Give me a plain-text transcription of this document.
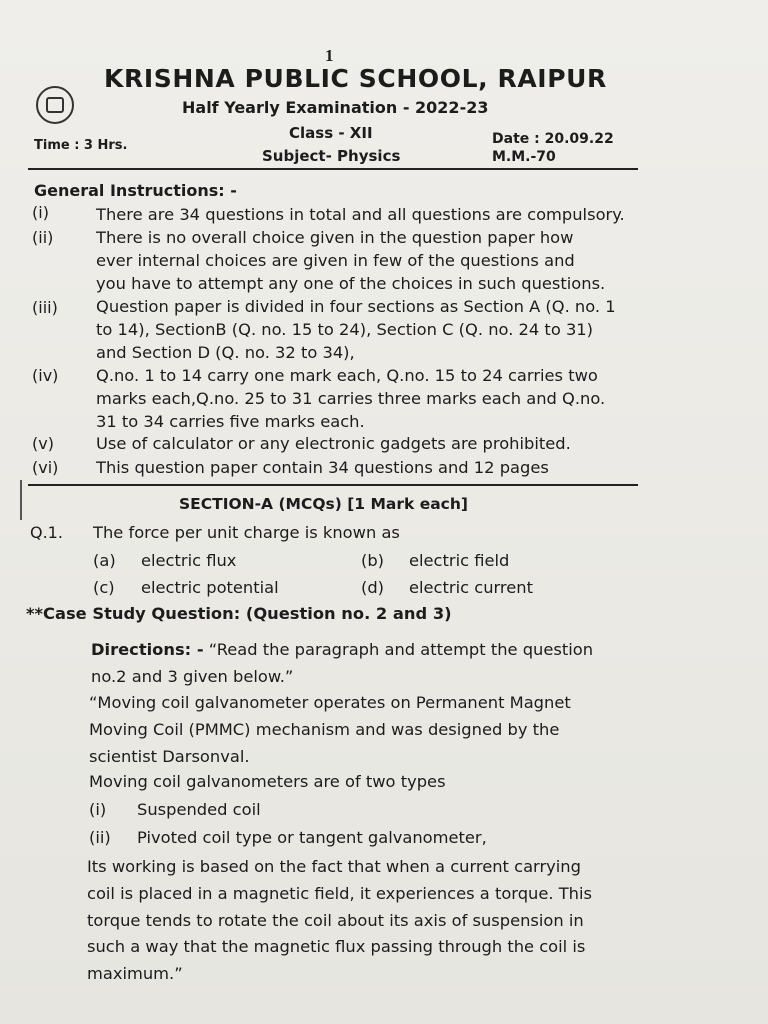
1
KRISHNA PUBLIC SCHOOL, RAIPUR
Half Yearly Examination - 2022-23
Time : 3 Hrs.
Class - XII
Subject- Physics
Date : 20.09.22
M.M.-70
General Instructions: -
(i)	There are 34 questions in total and all questions are compulsory.
(ii)	There is no overall choice given in the question paper how
ever internal choices are given in few of the questions and
you have to attempt any one of the choices in such questions.
(iii) Question paper is divided in four sections as Section A (Q. no. 1
to 14), SectionB (Q. no. 15 to 24), Section C (Q. no. 24 to 31)
and Section D (Q. no. 32 to 34),
(iv) Q.no. 1 to 14 carry one mark each, Q.no. 15 to 24 carries two
marks each,Q.no. 25 to 31 carries three marks each and Q.no.
31 to 34 carries five marks each.
(v)	Use of calculator or any electronic gadgets are prohibited.
(vi) This question paper contain 34 questions and 12 pages
SECTION-A (MCQs) [1 Mark each]
Q.1. The force per unit charge is known as
(a) electric flux	(b) electric field
(c) electric potential	(d) electric current
**Case Study Question: (Question no. 2 and 3)
Directions: - “Read the paragraph and attempt the question
no.2 and 3 given below.”
“Moving coil galvanometer operates on Permanent Magnet
Moving Coil (PMMC) mechanism and was designed by the
scientist Darsonval.
Moving coil galvanometers are of two types
(i) Suspended coil
(ii) Pivoted coil type or tangent galvanometer,
Its working is based on the fact that when a current carrying
coil is placed in a magnetic field, it experiences a torque. This
torque tends to rotate the coil about its axis of suspension in
such a way that the magnetic flux passing through the coil is
maximum.”
